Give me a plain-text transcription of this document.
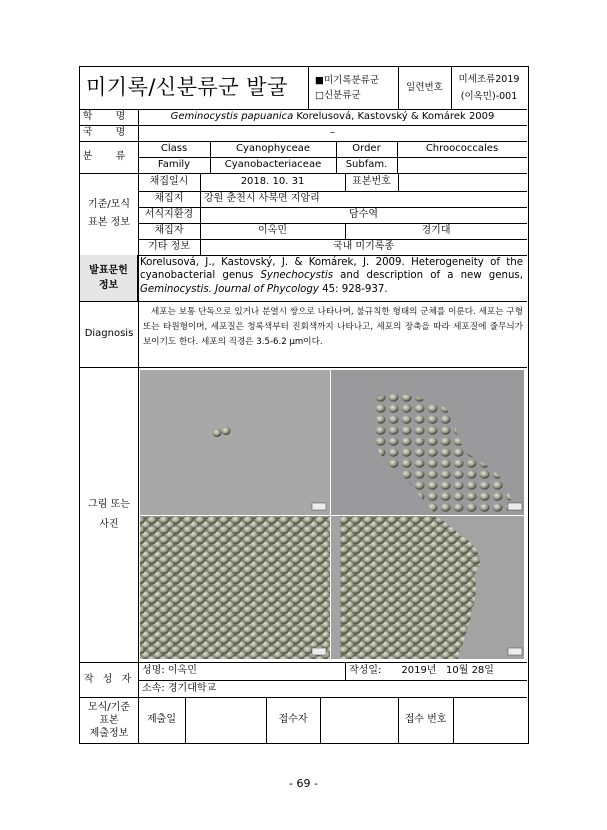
미기록/신분류군 발굴	■미기록분류군
□신분류군
일련번호
미세조류2019
(이옥민)-001
학 명	Geminocystis papuanica Korelusová, Kastovský & Komárek 2009
국 명	–
분 류
Class	Cyanophyceae	Order	Chroococcales
Family	Cyanobacteriaceae	Subfam.
기준/모식
표본 정보
채집일시	2018. 10. 31	표본번호
채집지	강원 춘천시 사북면 지암리
서식지환경	담수역
채집자	이옥민	경기대
기타 정보	국내 미기록종
발표문헌
정보
Korelusová, J., Kastovský, J. & Komárek, J. 2009. Heterogeneity of the cyanobacterial genus Synechocystis and description of a new genus, Geminocystis. Journal of Phycology 45: 928-937.
Diagnosis
세포는 보통 단독으로 있거나 분열시 쌍으로 나타나며, 불규칙한 형태의 군체를 이룬다. 세포는 구형 또는 타원형이며, 세포질은 청록색부터 진회색까지 나타나고, 세포의 장축을 따라 세포질에 줄무늬가 보이기도 한다. 세포의 직경은 3.5-6.2 μm이다.
그림 또는
사진
작 성 자
성명: 이옥민	작성일: 2019년   10월 28일
소속: 경기대학교
모식/기준
표본
제출정보
제출일	접수자	접수 번호
- 69 -
